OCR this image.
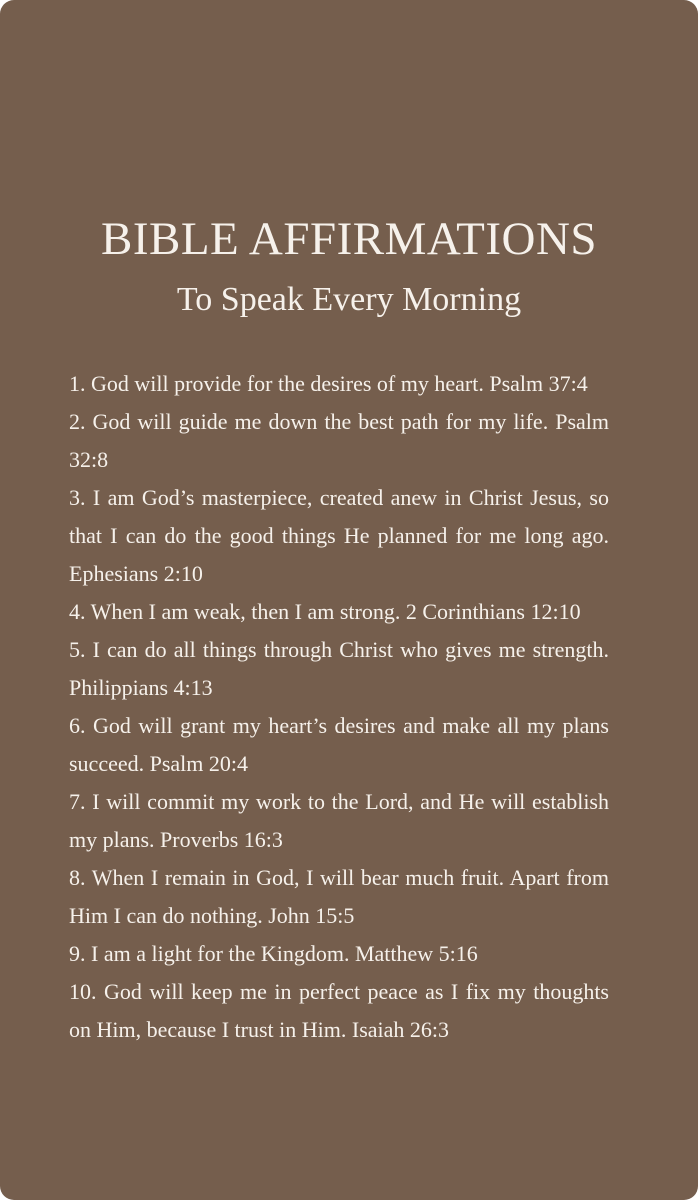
BIBLE AFFIRMATIONS
To Speak Every Morning
1. God will provide for the desires of my heart. Psalm 37:4
2. God will guide me down the best path for my life. Psalm 32:8
3. I am God’s masterpiece, created anew in Christ Jesus, so that I can do the good things He planned for me long ago. Ephesians 2:10
4. When I am weak, then I am strong. 2 Corinthians 12:10
5. I can do all things through Christ who gives me strength. Philippians 4:13
6. God will grant my heart’s desires and make all my plans succeed. Psalm 20:4
7. I will commit my work to the Lord, and He will establish my plans. Proverbs 16:3
8. When I remain in God, I will bear much fruit. Apart from Him I can do nothing. John 15:5
9. I am a light for the Kingdom. Matthew 5:16
10. God will keep me in perfect peace as I fix my thoughts on Him, because I trust in Him. Isaiah 26:3
